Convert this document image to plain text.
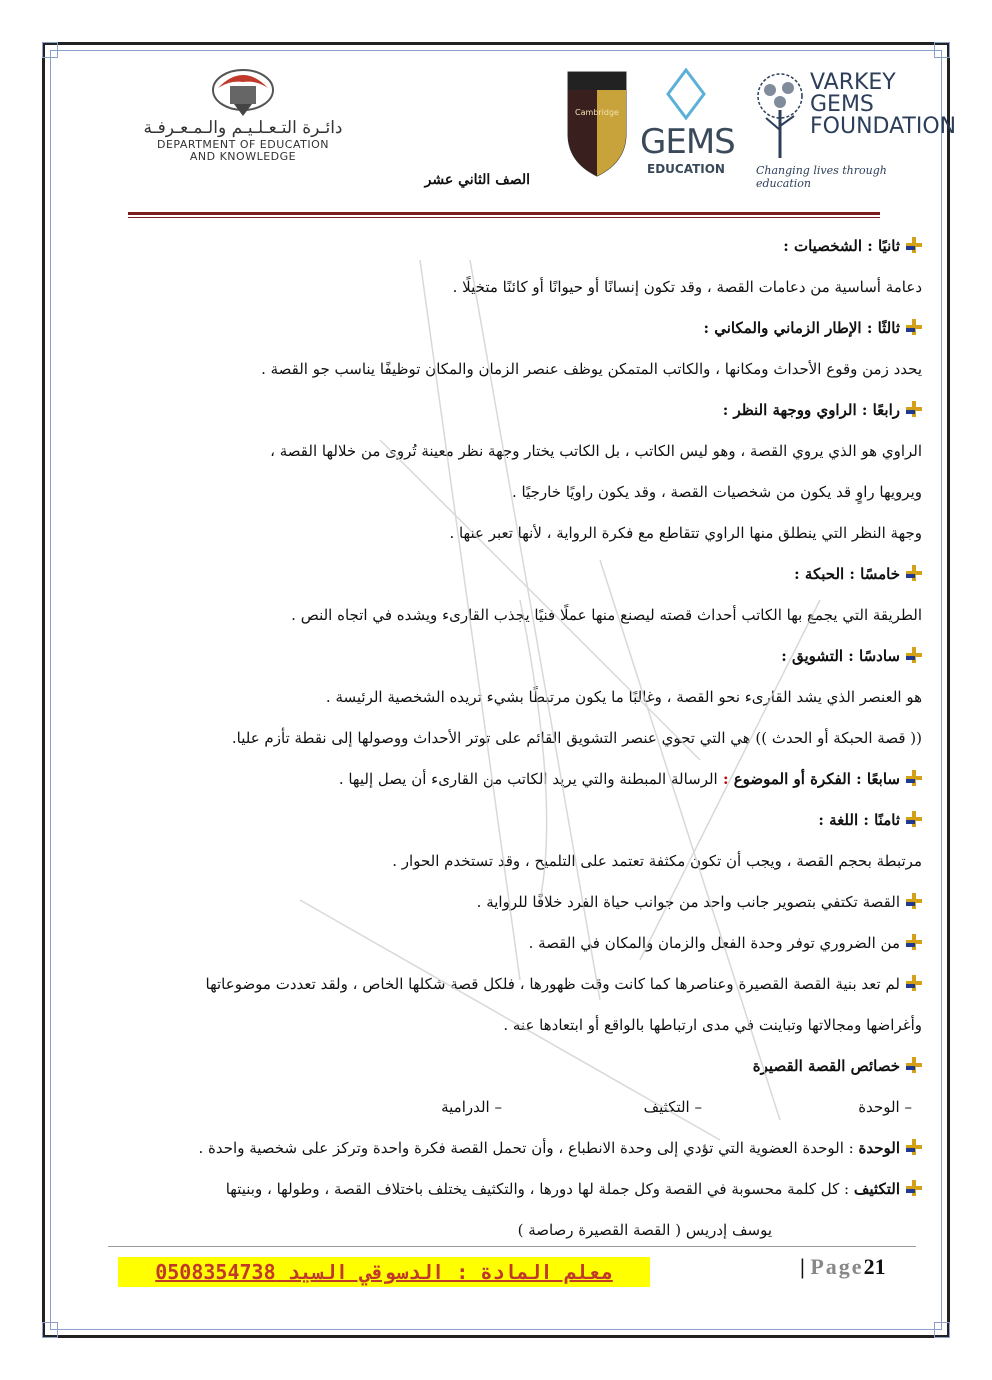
دائـرة التـعـلـيـم والـمـعـرفـة
DEPARTMENT OF EDUCATION
AND KNOWLEDGE
Cambridge
GEMS
EDUCATION
VARKEY
GEMS
FOUNDATION
Changing lives through education
الصف الثاني عشر
ثانيًا : الشخصيات :
دعامة أساسية من دعامات القصة ، وقد تكون إنسانًا أو حيوانًا أو كائنًا متخيلًا .
ثالثًا : الإطار الزماني والمكاني :
يحدد زمن وقوع الأحداث ومكانها ، والكاتب المتمكن يوظف عنصر الزمان والمكان توظيفًا يناسب جو القصة .
رابعًا : الراوي ووجهة النظر :
الراوي هو الذي يروي القصة ، وهو ليس الكاتب ، بل الكاتب يختار وجهة نظر معينة تُروى من خلالها القصة ،
ويرويها راوٍ قد يكون من شخصيات القصة ، وقد يكون راويًا خارجيًا .
وجهة النظر التي ينطلق منها الراوي تتقاطع مع فكرة الرواية ، لأنها تعبر عنها .
خامسًا : الحبكة :
الطريقة التي يجمع بها الكاتب أحداث قصته ليصنع منها عملًا فنيًا يجذب القارىء ويشده في اتجاه النص .
سادسًا : التشويق :
هو العنصر الذي يشد القارىء نحو القصة ، وغالبًا ما يكون مرتبطًا بشيء تريده الشخصية الرئيسة .
(( قصة الحبكة أو الحدث )) هي التي تحوي عنصر التشويق القائم على توتر الأحداث ووصولها إلى نقطة تأزم عليا.
سابعًا : الفكرة أو الموضوع : الرسالة المبطنة والتي يريد الكاتب من القارىء أن يصل إليها .
ثامنًا : اللغة :
مرتبطة بحجم القصة ، ويجب أن تكون مكثفة تعتمد على التلميح ، وقد تستخدم الحوار .
القصة تكتفي بتصوير جانب واحد من جوانب حياة الفرد خلافًا للرواية .
من الضروري توفر وحدة الفعل والزمان والمكان في القصة .
لم تعد بنية القصة القصيرة وعناصرها كما كانت وقت ظهورها ، فلكل قصة شكلها الخاص ، ولقد تعددت موضوعاتها
وأغراضها ومجالاتها وتباينت في مدى ارتباطها بالواقع أو ابتعادها عنه .
خصائص القصة القصيرة
– الوحدة
– التكثيف
– الدرامية
الوحدة : الوحدة العضوية التي تؤدي إلى وحدة الانطباع ، وأن تحمل القصة فكرة واحدة وتركز على شخصية واحدة .
التكثيف : كل كلمة محسوبة في القصة وكل جملة لها دورها ، والتكثيف يختلف باختلاف القصة ، وطولها ، وبنيتها
يوسف إدريس ( القصة القصيرة رصاصة )
معلم المادة : الدسوقي السيد 0508354738	| Page21
